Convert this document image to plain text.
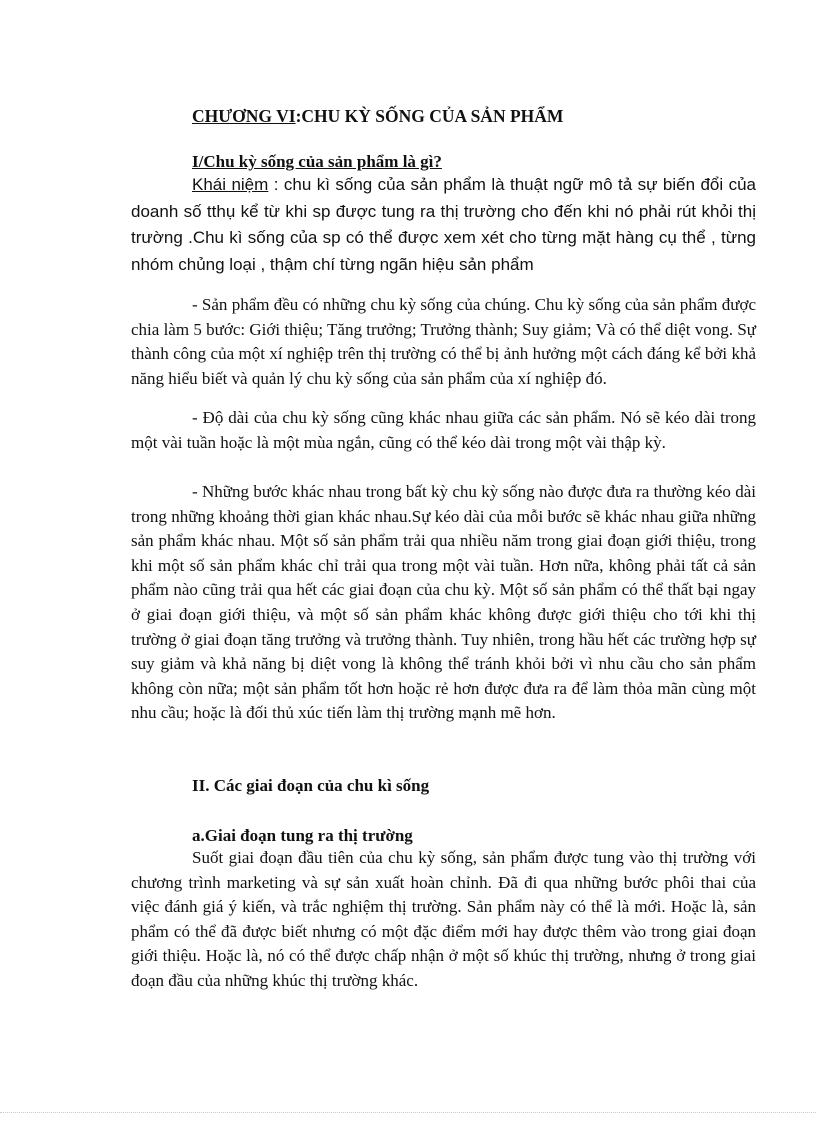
CHƯƠNG VI:CHU KỲ SỐNG CỦA SẢN PHẨM
I/Chu kỳ sống của sản phẩm là gì?
Khái niệm : chu kì sống của sản phẩm là thuật ngữ mô tả sự biến đổi của doanh số tthụ kể từ khi sp được tung ra thị trường cho đến khi nó phải rút khỏi thị trường .Chu kì sống của sp có thể được xem xét cho từng mặt hàng cụ thể , từng nhóm chủng loại , thậm chí từng ngãn hiệu sản phẩm
- Sản phẩm đều có những chu kỳ sống của chúng. Chu kỳ sống của sản phẩm được chia làm 5 bước: Giới thiệu; Tăng trưởng; Trưởng thành; Suy giảm; Và có thể diệt vong. Sự thành công của một xí nghiệp trên thị trường có thể bị ảnh hưởng một cách đáng kể bởi khả năng hiểu biết và quản lý chu kỳ sống của sản phẩm của xí nghiệp đó.
- Độ dài của chu kỳ sống cũng khác nhau giữa các sản phẩm. Nó sẽ kéo dài trong một vài tuần hoặc là một mùa ngắn, cũng có thể kéo dài trong một vài thập kỳ.
- Những bước khác nhau trong bất kỳ chu kỳ sống nào được đưa ra thường kéo dài trong những khoảng thời gian khác nhau.Sự kéo dài của mỗi bước sẽ khác nhau giữa những sản phẩm khác nhau. Một số sản phẩm trải qua nhiều năm trong giai đoạn giới thiệu, trong khi một số sản phẩm khác chỉ trải qua trong một vài tuần. Hơn nữa, không phải tất cả sản phẩm nào cũng trải qua hết các giai đoạn của chu kỳ. Một số sản phẩm có thể thất bại ngay ở giai đoạn giới thiệu, và một số sản phẩm khác không được giới thiệu cho tới khi thị trường ở giai đoạn tăng trưởng và trưởng thành. Tuy nhiên, trong hầu hết các trường hợp sự suy giảm và khả năng bị diệt vong là không thể tránh khỏi bởi vì nhu cầu cho sản phẩm không còn nữa; một sản phẩm tốt hơn hoặc rẻ hơn được đưa ra để làm thỏa mãn cùng một nhu cầu; hoặc là đối thủ xúc tiến làm thị trường mạnh mẽ hơn.
II. Các giai đoạn của chu kì sống
a.Giai đoạn tung ra thị trường
Suốt giai đoạn đầu tiên của chu kỳ sống, sản phẩm được tung vào thị trường với chương trình marketing và sự sản xuất hoàn chỉnh. Đã đi qua những bước phôi thai của việc đánh giá ý kiến, và trắc nghiệm thị trường. Sản phẩm này có thể là mới. Hoặc là, sản phẩm có thể đã được biết nhưng có một đặc điểm mới hay được thêm vào trong giai đoạn giới thiệu. Hoặc là, nó có thể được chấp nhận ở một số khúc thị trường, nhưng ở trong giai đoạn đầu của những khúc thị trường khác.
